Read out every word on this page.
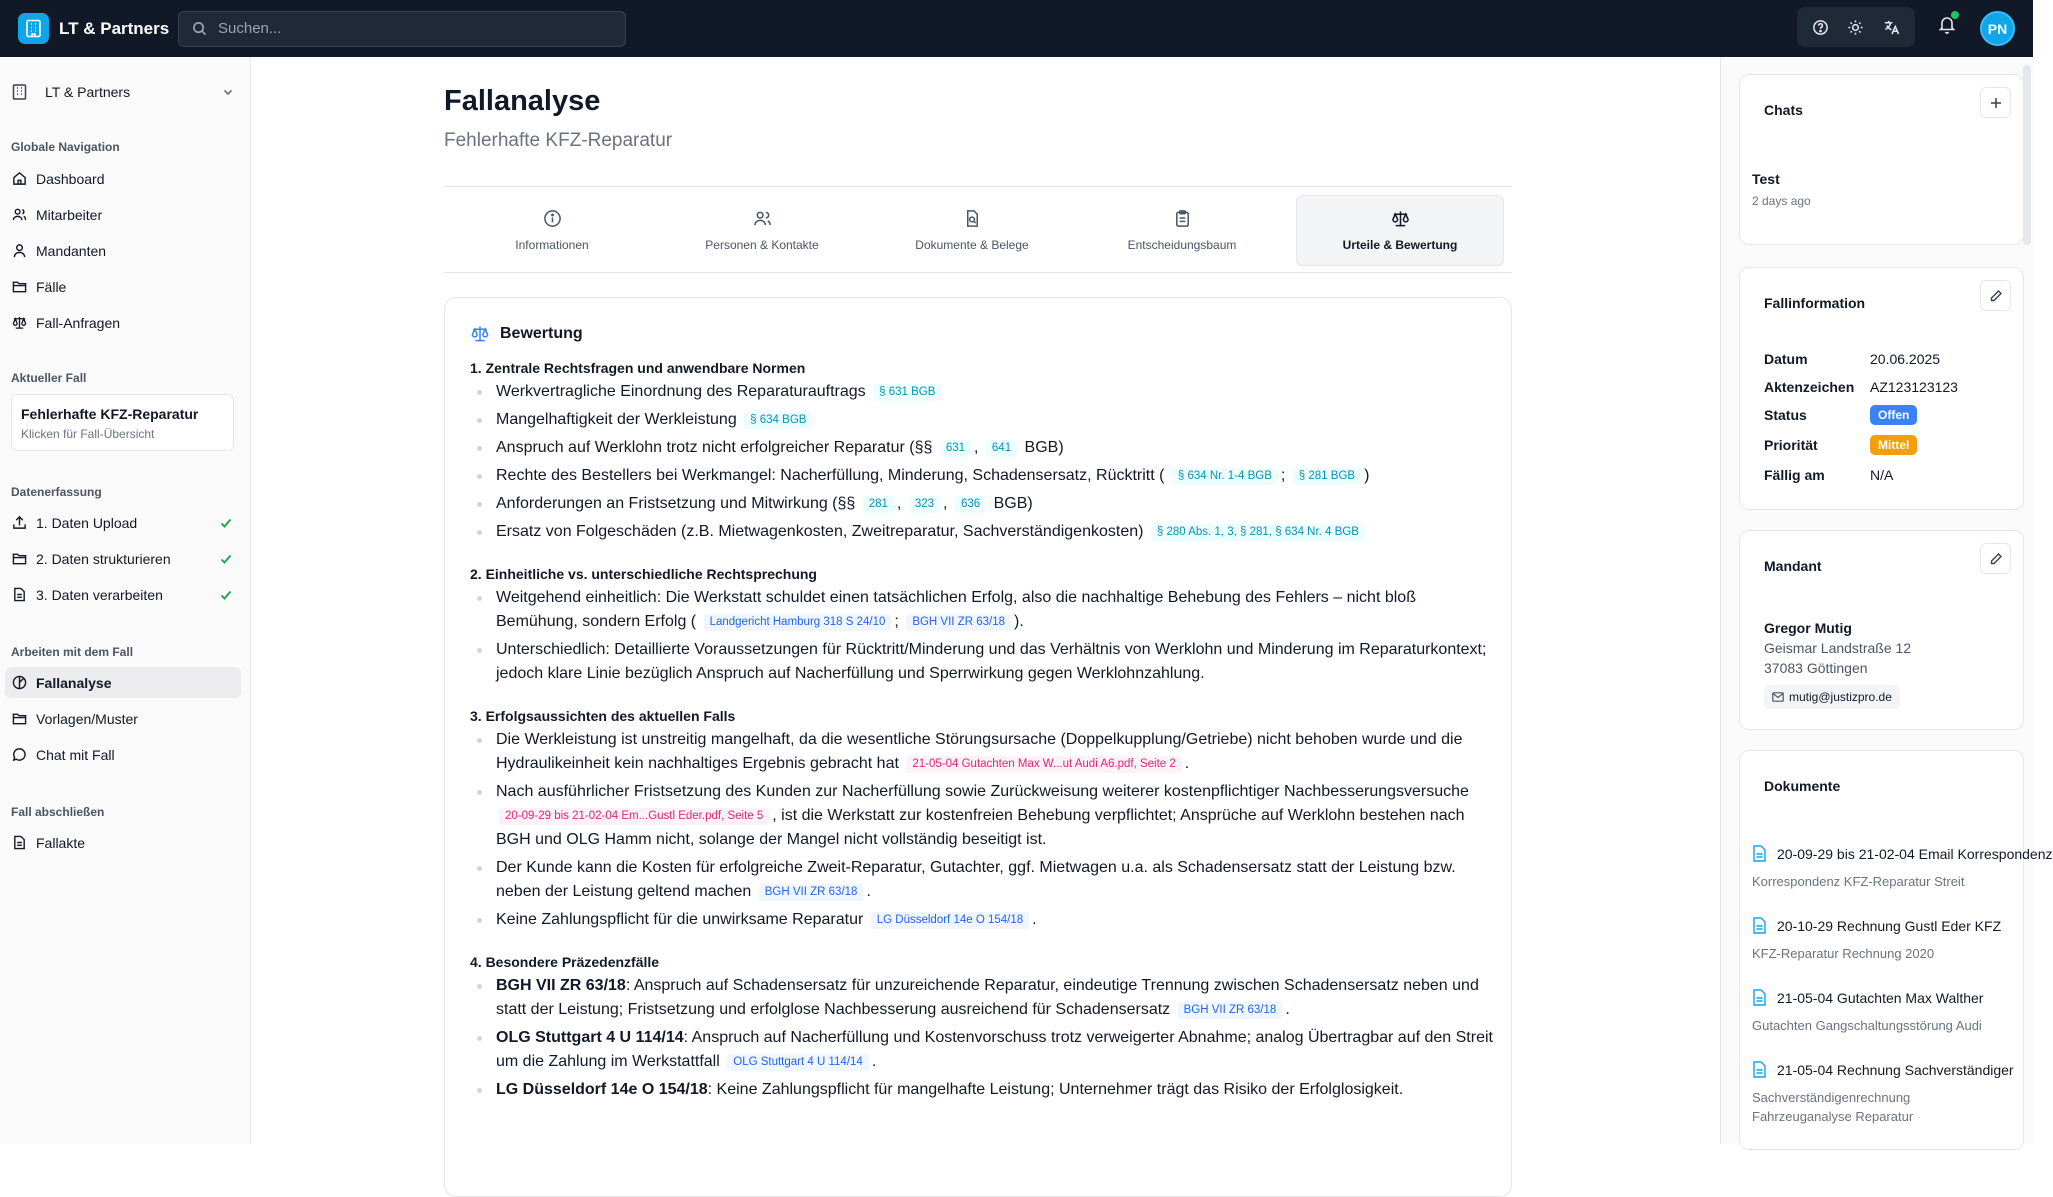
LT & Partners	Suchen...	PN
LT & Partners
Globale Navigation
Dashboard
Mitarbeiter
Mandanten
Fälle
Fall-Anfragen
Aktueller Fall
Fehlerhafte KFZ-Reparatur
Klicken für Fall-Übersicht
Datenerfassung
1. Daten Upload
2. Daten strukturieren
3. Daten verarbeiten
Arbeiten mit dem Fall
Fallanalyse
Vorlagen/Muster
Chat mit Fall
Fall abschließen
Fallakte
Fallanalyse
Fehlerhafte KFZ-Reparatur
Informationen	Personen & Kontakte	Dokumente & Belege	Entscheidungsbaum	Urteile & Bewertung
Bewertung
1. Zentrale Rechtsfragen und anwendbare Normen
Werkvertragliche Einordnung des Reparaturauftrags § 631 BGB
Mangelhaftigkeit der Werkleistung § 634 BGB
Anspruch auf Werklohn trotz nicht erfolgreicher Reparatur (§§ 631 , 641 BGB)
Rechte des Bestellers bei Werkmangel: Nacherfüllung, Minderung, Schadensersatz, Rücktritt ( § 634 Nr. 1-4 BGB ; § 281 BGB )
Anforderungen an Fristsetzung und Mitwirkung (§§ 281 , 323 , 636 BGB)
Ersatz von Folgeschäden (z.B. Mietwagenkosten, Zweitreparatur, Sachverständigenkosten) § 280 Abs. 1, 3, § 281, § 634 Nr. 4 BGB
2. Einheitliche vs. unterschiedliche Rechtsprechung
Weitgehend einheitlich: Die Werkstatt schuldet einen tatsächlichen Erfolg, also die nachhaltige Behebung des Fehlers – nicht bloß Bemühung, sondern Erfolg ( Landgericht Hamburg 318 S 24/10 ; BGH VII ZR 63/18 ).
Unterschiedlich: Detaillierte Voraussetzungen für Rücktritt/Minderung und das Verhältnis von Werklohn und Minderung im Reparaturkontext; jedoch klare Linie bezüglich Anspruch auf Nacherfüllung und Sperrwirkung gegen Werklohnzahlung.
3. Erfolgsaussichten des aktuellen Falls
Die Werkleistung ist unstreitig mangelhaft, da die wesentliche Störungsursache (Doppelkupplung/Getriebe) nicht behoben wurde und die Hydraulikeinheit kein nachhaltiges Ergebnis gebracht hat 21-05-04 Gutachten Max W...ut Audi A6.pdf, Seite 2 .
Nach ausführlicher Fristsetzung des Kunden zur Nacherfüllung sowie Zurückweisung weiterer kostenpflichtiger Nachbesserungsversuche 20-09-29 bis 21-02-04 Em...Gustl Eder.pdf, Seite 5 , ist die Werkstatt zur kostenfreien Behebung verpflichtet; Ansprüche auf Werklohn bestehen nach BGH und OLG Hamm nicht, solange der Mangel nicht vollständig beseitigt ist.
Der Kunde kann die Kosten für erfolgreiche Zweit-Reparatur, Gutachter, ggf. Mietwagen u.a. als Schadensersatz statt der Leistung bzw. neben der Leistung geltend machen BGH VII ZR 63/18 .
Keine Zahlungspflicht für die unwirksame Reparatur LG Düsseldorf 14e O 154/18 .
4. Besondere Präzedenzfälle
BGH VII ZR 63/18: Anspruch auf Schadensersatz für unzureichende Reparatur, eindeutige Trennung zwischen Schadensersatz neben und statt der Leistung; Fristsetzung und erfolglose Nachbesserung ausreichend für Schadensersatz BGH VII ZR 63/18 .
OLG Stuttgart 4 U 114/14: Anspruch auf Nacherfüllung und Kostenvorschuss trotz verweigerter Abnahme; analog Übertragbar auf den Streit um die Zahlung im Werkstattfall OLG Stuttgart 4 U 114/14 .
LG Düsseldorf 14e O 154/18: Keine Zahlungspflicht für mangelhafte Leistung; Unternehmer trägt das Risiko der Erfolglosigkeit.
Chats
Test
2 days ago
Fallinformation
Datum	20.06.2025
Aktenzeichen	AZ123123123
Status	Offen
Priorität	Mittel
Fällig am	N/A
Mandant
Gregor Mutig
Geismar Landstraße 12
37083 Göttingen
mutig@justizpro.de
Dokumente
20-09-29 bis 21-02-04 Email Korrespondenz
Korrespondenz KFZ-Reparatur Streit
20-10-29 Rechnung Gustl Eder KFZ
KFZ-Reparatur Rechnung 2020
21-05-04 Gutachten Max Walther
Gutachten Gangschaltungsstörung Audi
21-05-04 Rechnung Sachverständiger
Sachverständigenrechnung Fahrzeuganalyse Reparatur
